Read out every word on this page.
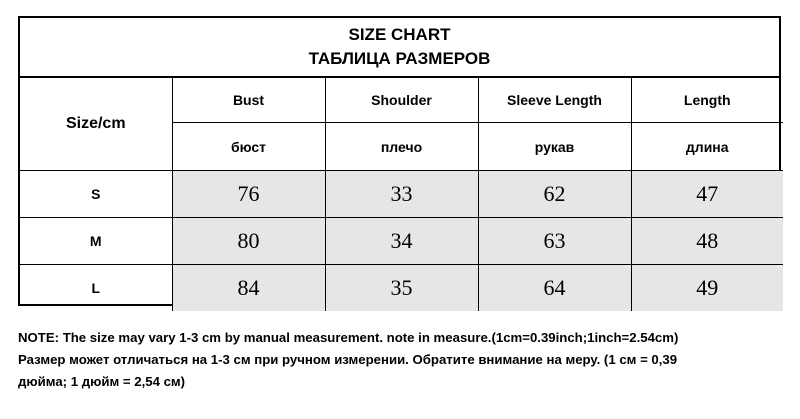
SIZE CHART
ТАБЛИЦА РАЗМЕРОВ
Size/cm	Bust	Shoulder	Sleeve Length	Length
	бюст	плечо	рукав	длина
S	76	33	62	47
M	80	34	63	48
L	84	35	64	49
NOTE: The size may vary 1-3 cm by manual measurement. note in measure.(1cm=0.39inch;1inch=2.54cm)
Размер может отличаться на 1-3 см при ручном измерении. Обратите внимание на меру. (1 см = 0,39
дюйма; 1 дюйм = 2,54 см)
